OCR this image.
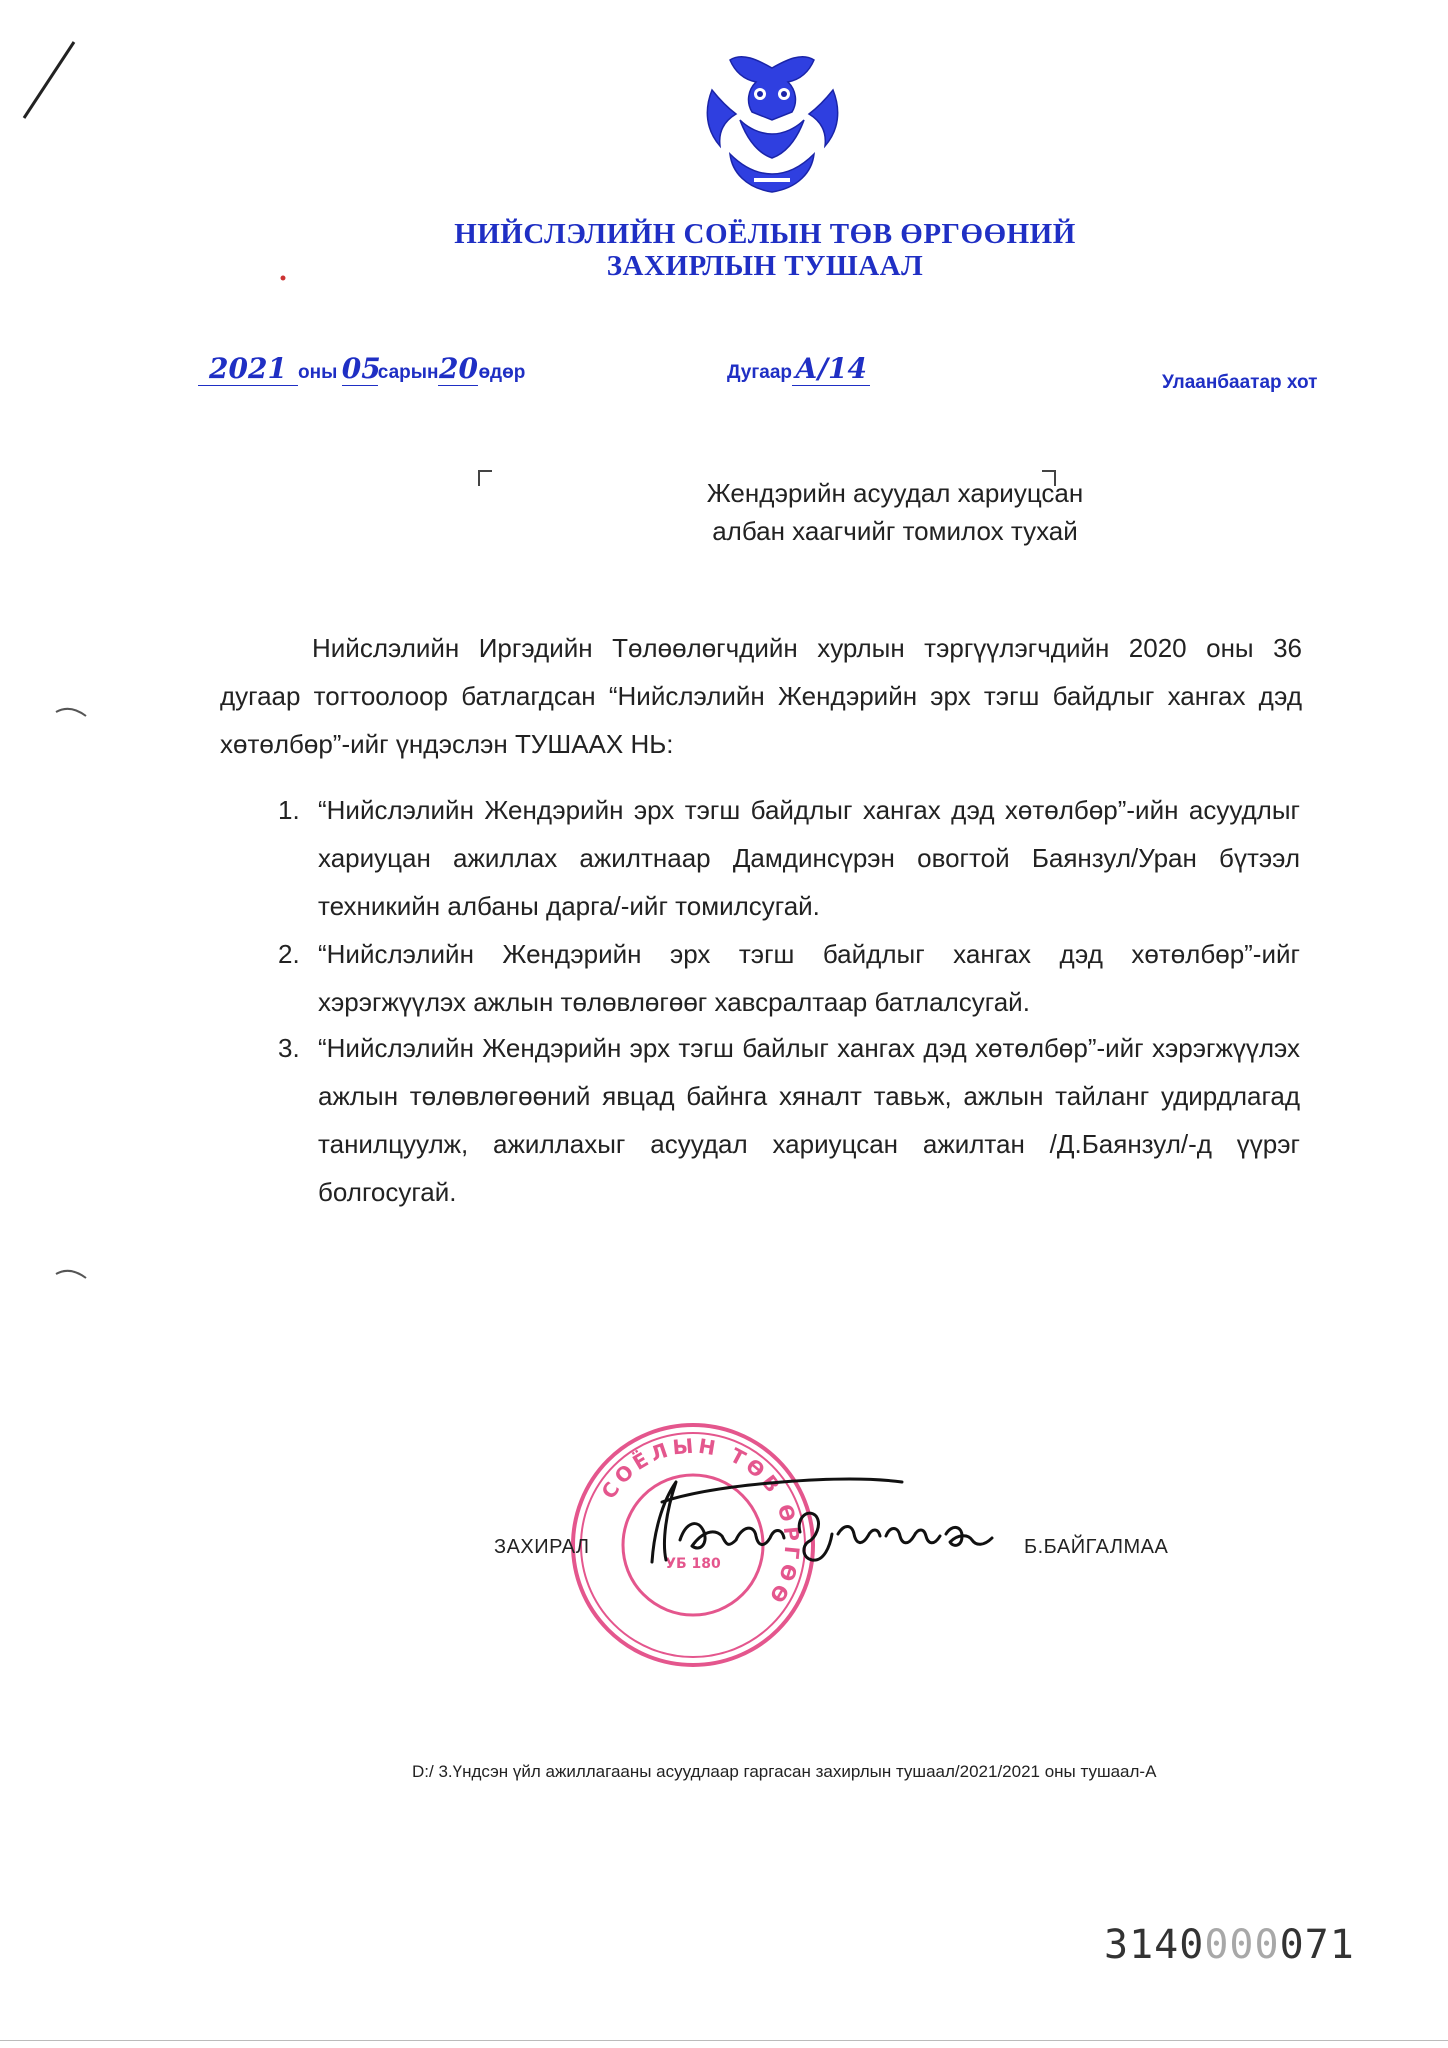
НИЙСЛЭЛИЙН СОЁЛЫН ТӨВ ӨРГӨӨНИЙ
ЗАХИРЛЫН ТУШААЛ
2021 оны 05сарын20өдөр	Дугаар А/14	Улаанбаатар хот
Жендэрийн асуудал хариуцсан
албан хаагчийг томилох тухай
Нийслэлийн Иргэдийн Төлөөлөгчдийн хурлын тэргүүлэгчдийн 2020 оны 36 дугаар тогтоолоор батлагдсан “Нийслэлийн Жендэрийн эрх тэгш байдлыг хангах дэд хөтөлбөр”-ийг үндэслэн ТУШААХ НЬ:
1. “Нийслэлийн Жендэрийн эрх тэгш байдлыг хангах дэд хөтөлбөр”-ийн асуудлыг хариуцан ажиллах ажилтнаар Дамдинсүрэн овогтой Баянзул/Уран бүтээл техникийн албаны дарга/-ийг томилсугай.
2. “Нийслэлийн Жендэрийн эрх тэгш байдлыг хангах дэд хөтөлбөр”-ийг хэрэгжүүлэх ажлын төлөвлөгөөг хавсралтаар батлалсугай.
3. “Нийслэлийн Жендэрийн эрх тэгш байлыг хангах дэд хөтөлбөр”-ийг хэрэгжүүлэх ажлын төлөвлөгөөний явцад байнга хяналт тавьж, ажлын тайланг удирдлагад танилцуулж, ажиллахыг асуудал хариуцсан ажилтан /Д.Баянзул/-д үүрэг болгосугай.
СОЁЛЫН ТӨВ ӨРГӨӨ
УБ 180
ЗАХИРАЛ	Б.БАЙГАЛМАА
D:/ 3.Үндсэн үйл ажиллагааны асуудлаар гаргасан захирлын тушаал/2021/2021 оны тушаал-А
3140000071
